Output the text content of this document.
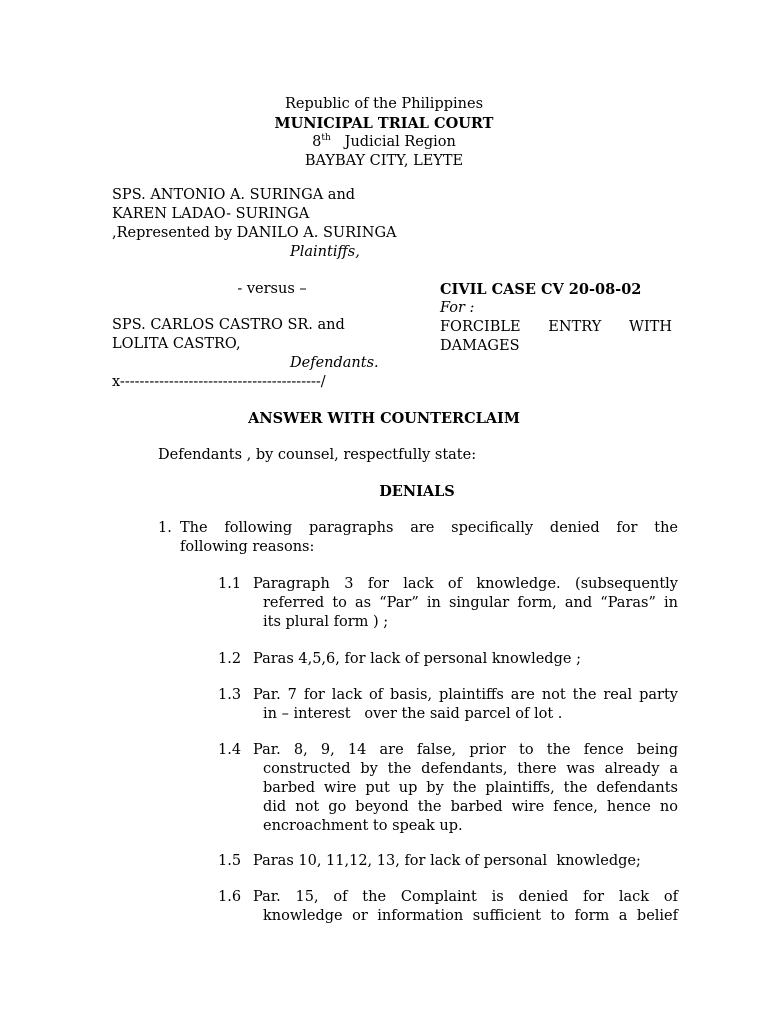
Republic of the Philippines
MUNICIPAL TRIAL COURT
8th Judicial Region
BAYBAY CITY, LEYTE
SPS. ANTONIO A. SURINGA and
KAREN LADAO- SURINGA
,Represented by DANILO A. SURINGA
Plaintiffs,
- versus –	CIVIL CASE CV 20-08-02
For :
FORCIBLE ENTRY WITH
DAMAGES
SPS. CARLOS CASTRO SR. and
LOLITA CASTRO,
Defendants.
x-----------------------------------------/
ANSWER WITH COUNTERCLAIM
Defendants , by counsel, respectfully state:
DENIALS
1. The following paragraphs are specifically denied for the
following reasons:
1.1 Paragraph 3 for lack of knowledge. (subsequently
referred to as “Par” in singular form, and “Paras” in
its plural form ) ;
1.2 Paras 4,5,6, for lack of personal knowledge ;
1.3 Par. 7 for lack of basis, plaintiffs are not the real party
in – interest   over the said parcel of lot .
1.4 Par. 8, 9, 14 are false, prior to the fence being
constructed by the defendants, there was already a
barbed wire put up by the plaintiffs, the defendants
did not go beyond the barbed wire fence, hence no
encroachment to speak up.
1.5 Paras 10, 11,12, 13, for lack of personal  knowledge;
1.6 Par. 15, of the Complaint is denied for lack of
knowledge or information sufficient to form a belief
